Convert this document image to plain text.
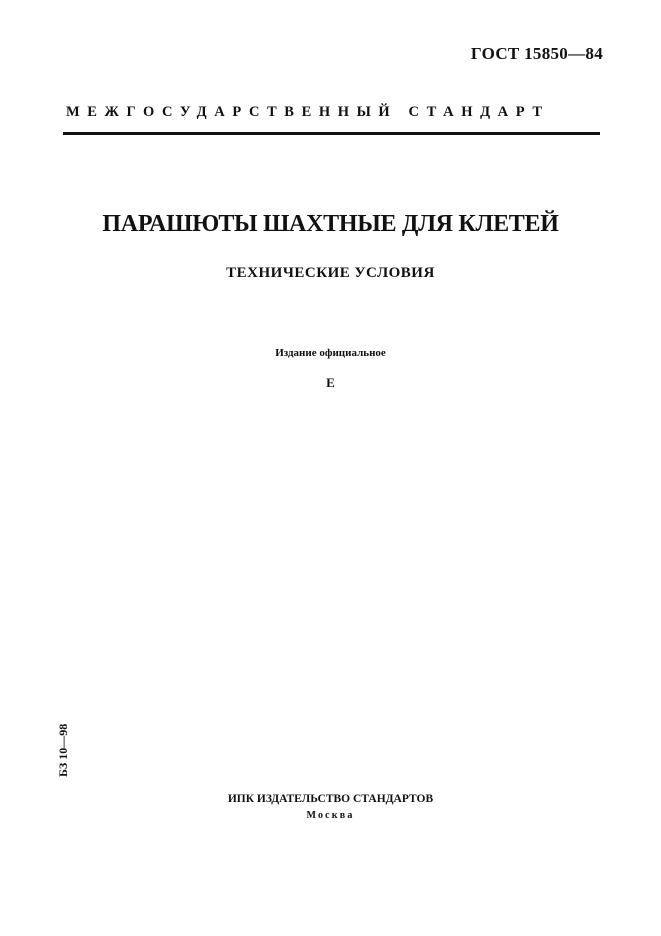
ГОСТ 15850—84
МЕЖГОСУДАРСТВЕННЫЙ СТАНДАРТ
ПАРАШЮТЫ ШАХТНЫЕ ДЛЯ КЛЕТЕЙ
ТЕХНИЧЕСКИЕ УСЛОВИЯ
Издание официальное
Е
БЗ 10—98
ИПК ИЗДАТЕЛЬСТВО СТАНДАРТОВ
Москва
